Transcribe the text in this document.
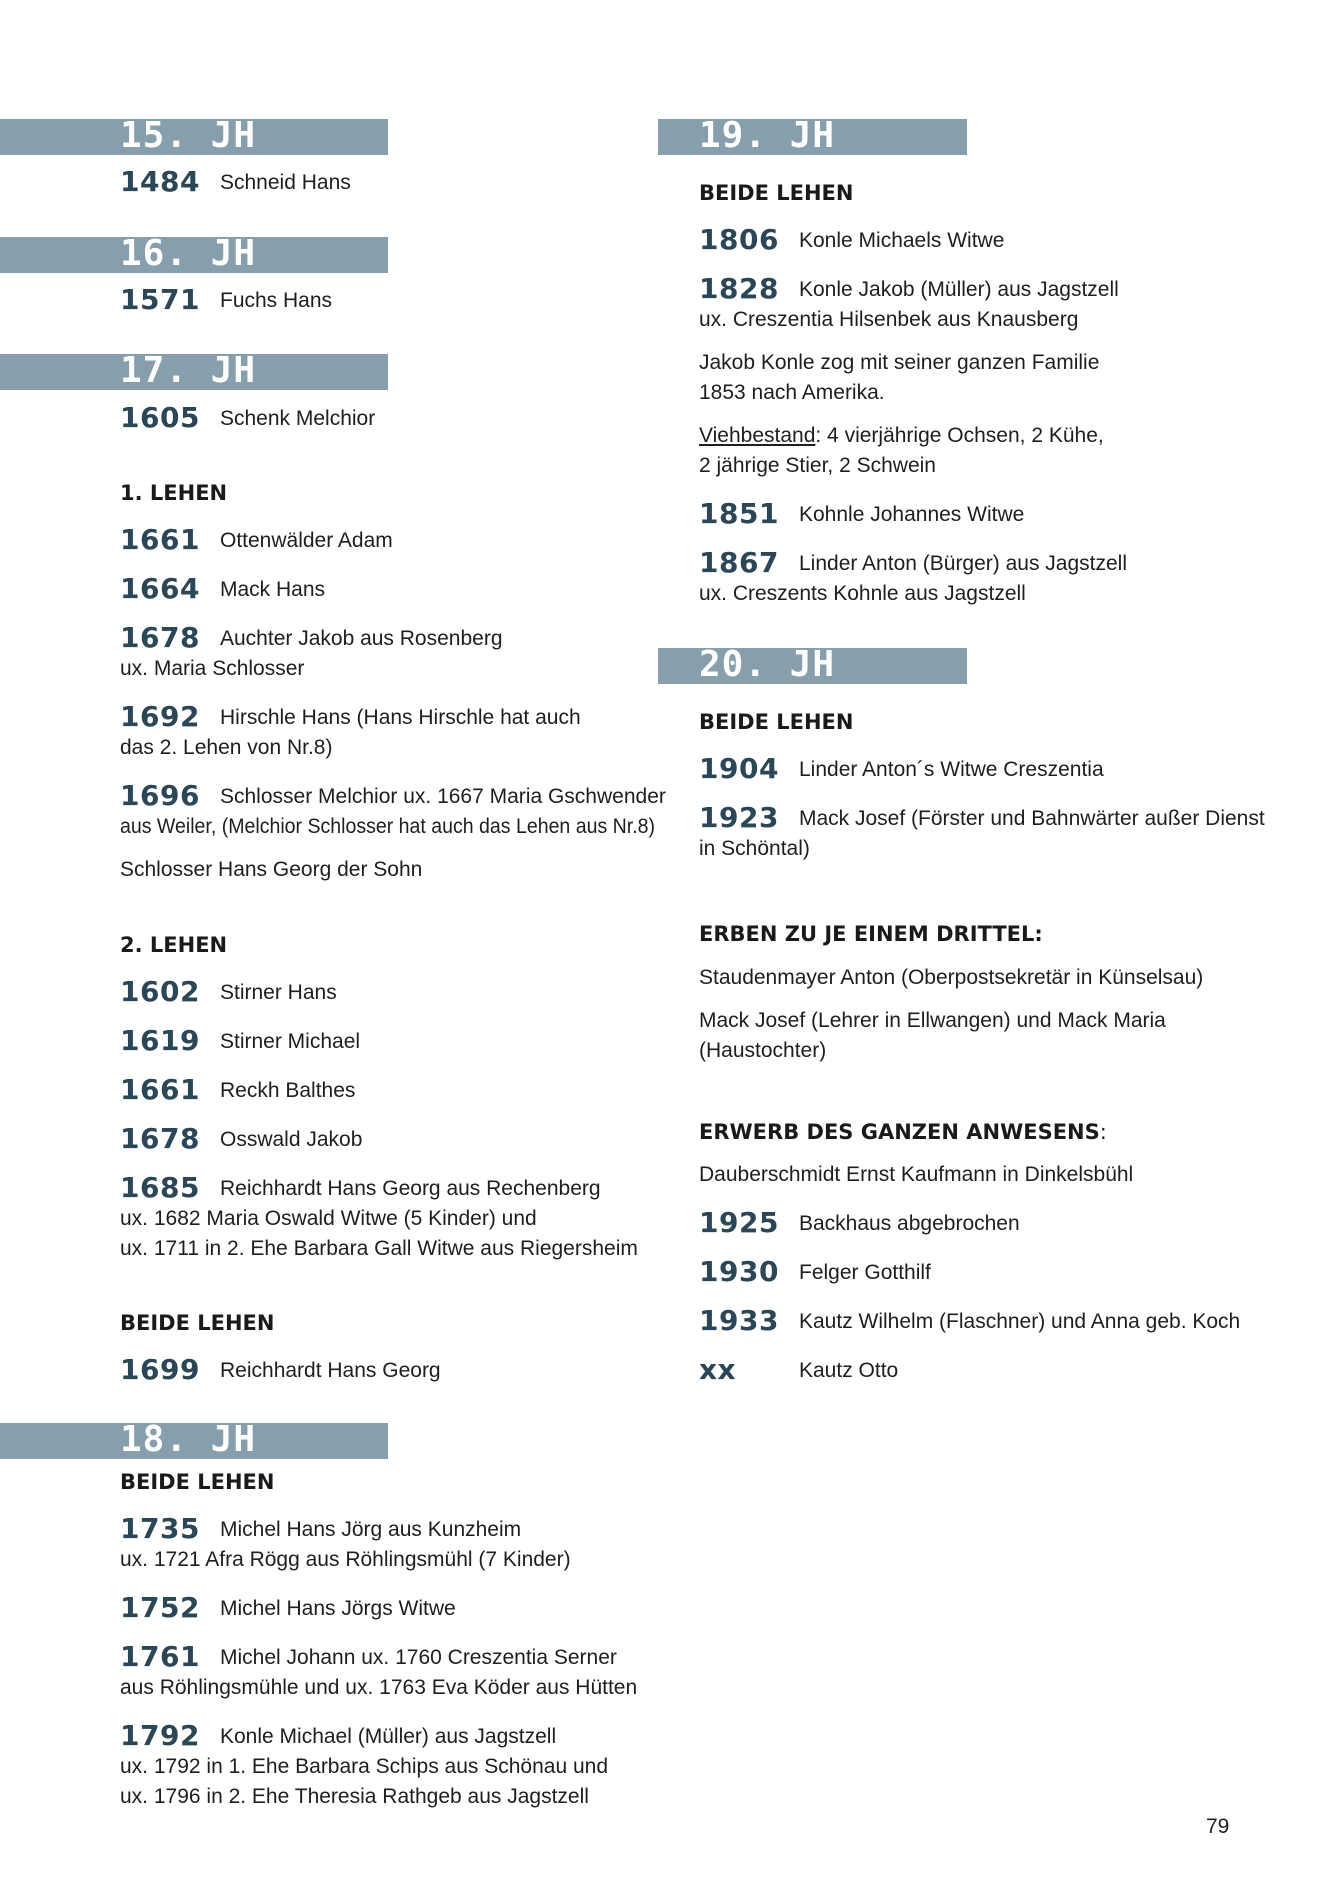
15. JH
1484 Schneid Hans
16. JH
1571 Fuchs Hans
17. JH
1605 Schenk Melchior
1. LEHEN
1661 Ottenwälder Adam
1664 Mack Hans
1678 Auchter Jakob aus Rosenberg
ux. Maria Schlosser
1692 Hirschle Hans (Hans Hirschle hat auch
das 2. Lehen von Nr.8)
1696 Schlosser Melchior ux. 1667 Maria Gschwender
aus Weiler, (Melchior Schlosser hat auch das Lehen aus Nr.8)
Schlosser Hans Georg der Sohn
2. LEHEN
1602 Stirner Hans
1619 Stirner Michael
1661 Reckh Balthes
1678 Osswald Jakob
1685 Reichhardt Hans Georg aus Rechenberg
ux. 1682 Maria Oswald Witwe (5 Kinder) und
ux. 1711 in 2. Ehe Barbara Gall Witwe aus Riegersheim
BEIDE LEHEN
1699 Reichhardt Hans Georg
18. JH
BEIDE LEHEN
1735 Michel Hans Jörg aus Kunzheim
ux. 1721 Afra Rögg aus Röhlingsmühl (7 Kinder)
1752 Michel Hans Jörgs Witwe
1761 Michel Johann ux. 1760 Creszentia Serner
aus Röhlingsmühle und ux. 1763 Eva Köder aus Hütten
1792 Konle Michael (Müller) aus Jagstzell
ux. 1792 in 1. Ehe Barbara Schips aus Schönau und
ux. 1796 in 2. Ehe Theresia Rathgeb aus Jagstzell
19. JH
BEIDE LEHEN
1806 Konle Michaels Witwe
1828 Konle Jakob (Müller) aus Jagstzell
ux. Creszentia Hilsenbek aus Knausberg
Jakob Konle zog mit seiner ganzen Familie
1853 nach Amerika.
Viehbestand: 4 vierjährige Ochsen, 2 Kühe,
2 jährige Stier, 2 Schwein
1851 Kohnle Johannes Witwe
1867 Linder Anton (Bürger) aus Jagstzell
ux. Creszents Kohnle aus Jagstzell
20. JH
BEIDE LEHEN
1904 Linder Anton´s Witwe Creszentia
1923 Mack Josef (Förster und Bahnwärter außer Dienst
in Schöntal)
ERBEN ZU JE EINEM DRITTEL:
Staudenmayer Anton (Oberpostsekretär in Künselsau)
Mack Josef (Lehrer in Ellwangen) und Mack Maria
(Haustochter)
ERWERB DES GANZEN ANWESENS:
Dauberschmidt Ernst Kaufmann in Dinkelsbühl
1925 Backhaus abgebrochen
1930 Felger Gotthilf
1933 Kautz Wilhelm (Flaschner) und Anna geb. Koch
xx	Kautz Otto
79
